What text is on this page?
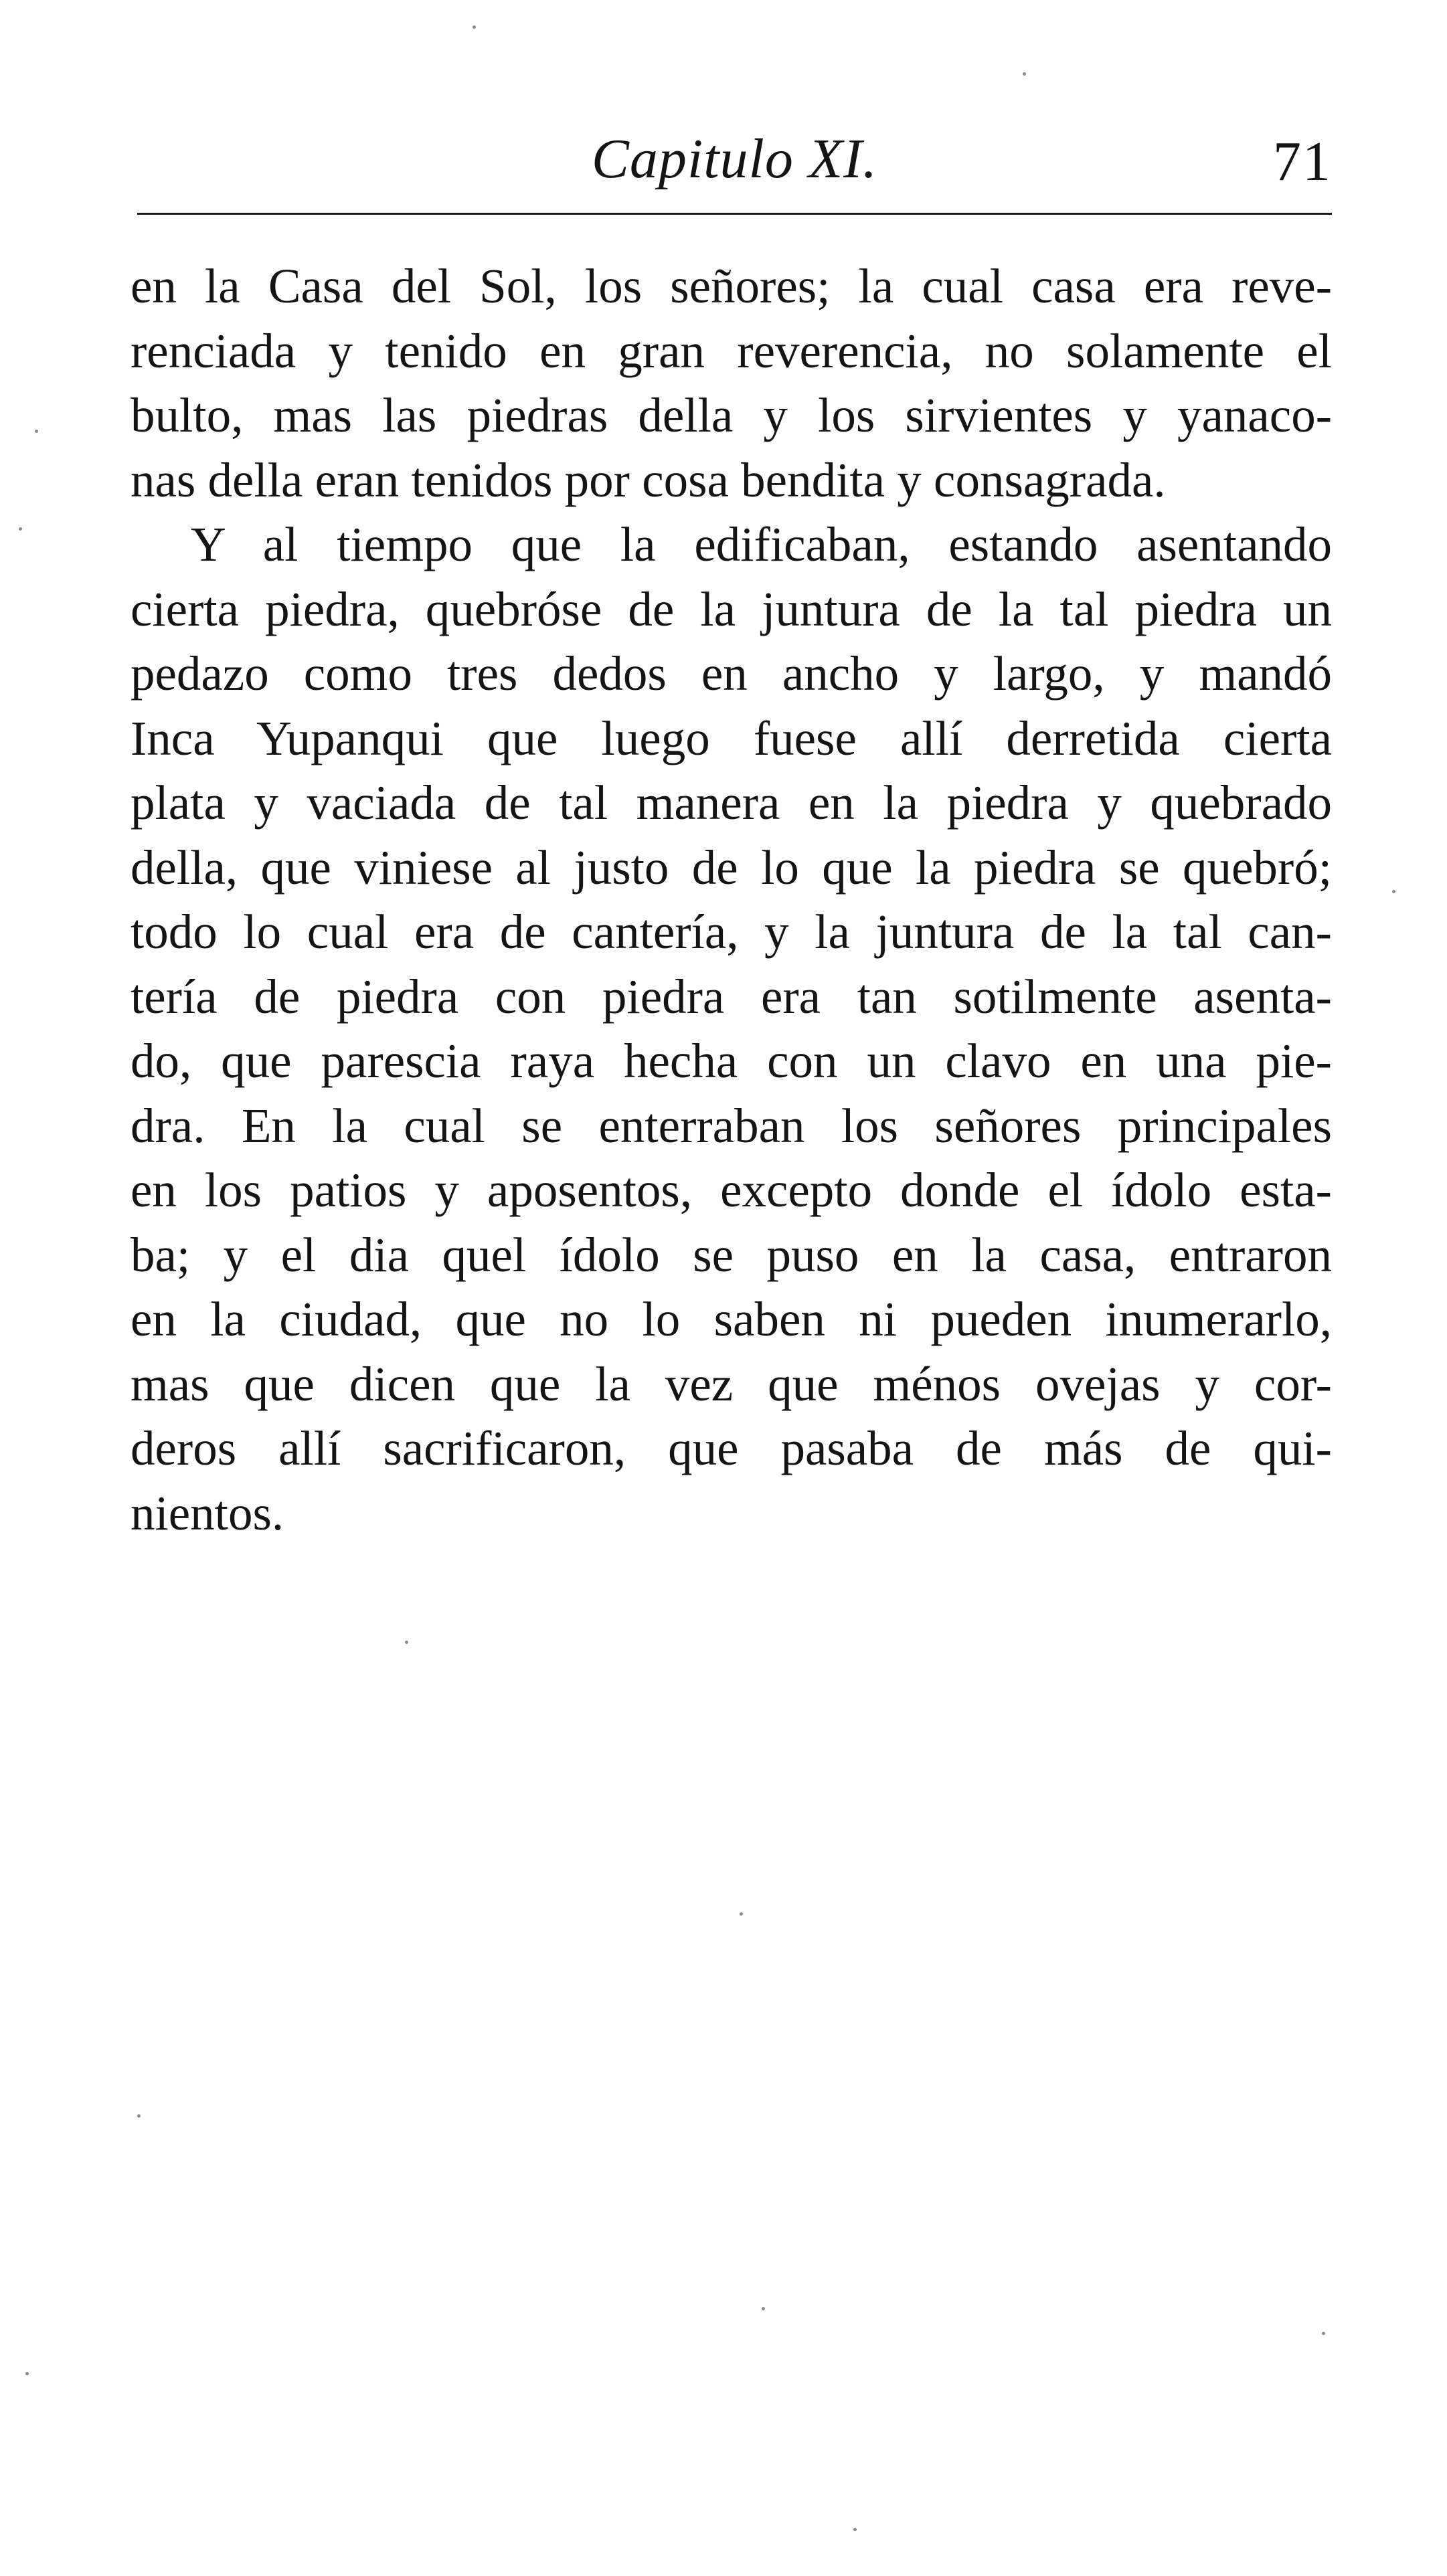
Capitulo XI.	71
en la Casa del Sol, los señores; la cual casa era reve-
renciada y tenido en gran reverencia, no solamente el
bulto, mas las piedras della y los sirvientes y yanaco-
nas della eran tenidos por cosa bendita y consagrada.
Y al tiempo que la edificaban, estando asentando
cierta piedra, quebróse de la juntura de la tal piedra un
pedazo como tres dedos en ancho y largo, y mandó
Inca Yupanqui que luego fuese allí derretida cierta
plata y vaciada de tal manera en la piedra y quebrado
della, que viniese al justo de lo que la piedra se quebró;
todo lo cual era de cantería, y la juntura de la tal can-
tería de piedra con piedra era tan sotilmente asenta-
do, que parescia raya hecha con un clavo en una pie-
dra. En la cual se enterraban los señores principales
en los patios y aposentos, excepto donde el ídolo esta-
ba; y el dia quel ídolo se puso en la casa, entraron
en la ciudad, que no lo saben ni pueden inumerarlo,
mas que dicen que la vez que ménos ovejas y cor-
deros allí sacrificaron, que pasaba de más de qui-
nientos.
